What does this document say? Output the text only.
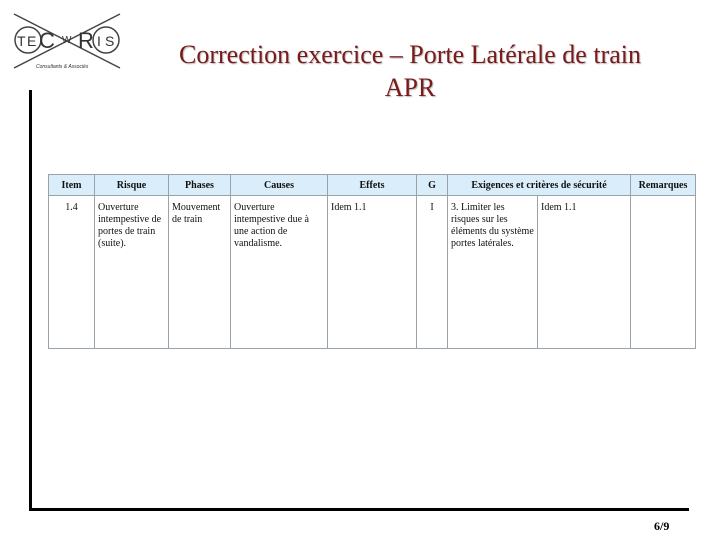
T E C W R I S
Consultants & Associés	Correction exercice – Porte Latérale de train
APR
Item	Risque	Phases	Causes	Effets	G	Exigences et critères de sécurité		Remarques
1.4	Ouverture intempestive de portes de train (suite).	Mouvement de train	Ouverture intempestive due à une action de vandalisme.	Idem 1.1	I	3. Limiter les risques sur les éléments du système portes latérales.	Idem 1.1	
6/9
